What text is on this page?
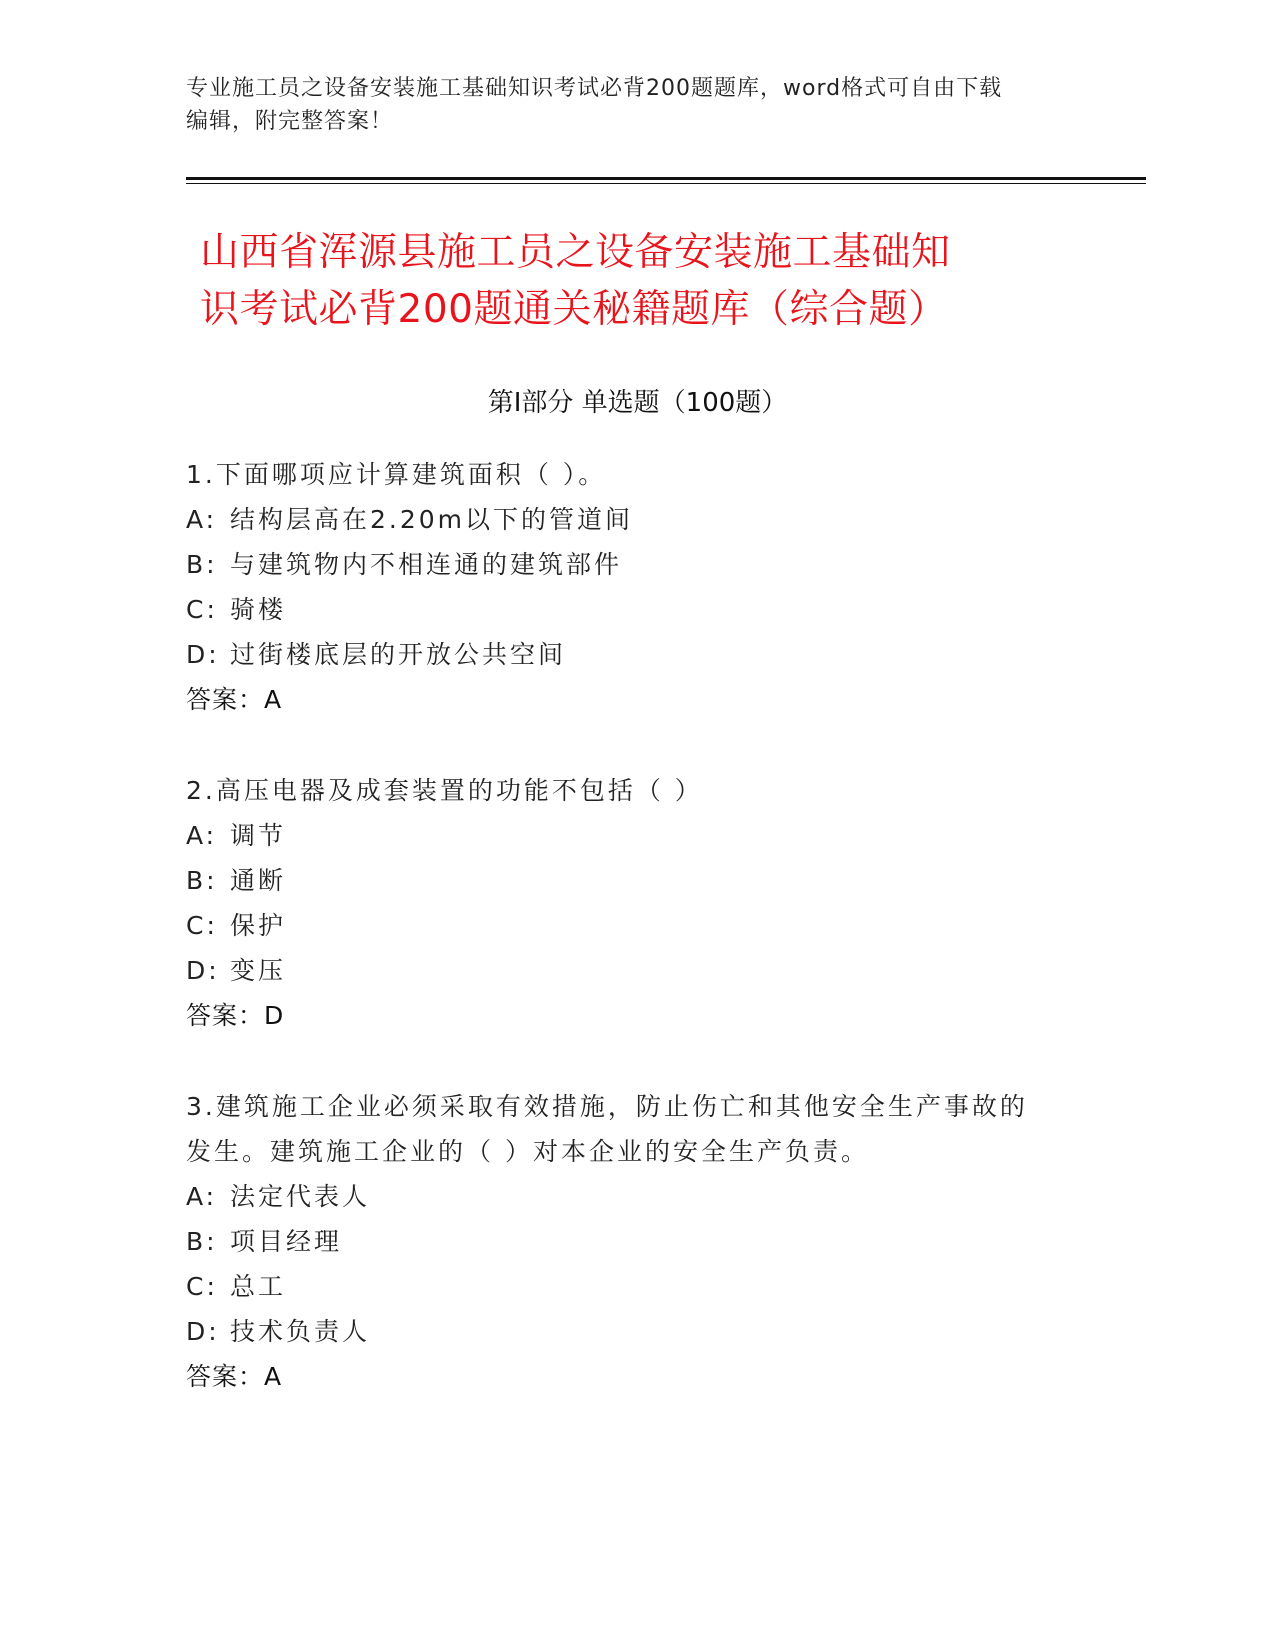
专业施工员之设备安装施工基础知识考试必背200题题库，word格式可自由下载
编辑，附完整答案！
山西省浑源县施工员之设备安装施工基础知
识考试必背200题通关秘籍题库（综合题）
第Ⅰ部分 单选题（100题）
1.下面哪项应计算建筑面积（ ）。
A: 结构层高在2.20m以下的管道间
B: 与建筑物内不相连通的建筑部件
C: 骑楼
D: 过街楼底层的开放公共空间
答案：A
2.高压电器及成套装置的功能不包括（ ）
A: 调节
B: 通断
C: 保护
D: 变压
答案：D
3.建筑施工企业必须采取有效措施，防止伤亡和其他安全生产事故的
发生。建筑施工企业的（ ）对本企业的安全生产负责。
A: 法定代表人
B: 项目经理
C: 总工
D: 技术负责人
答案：A
